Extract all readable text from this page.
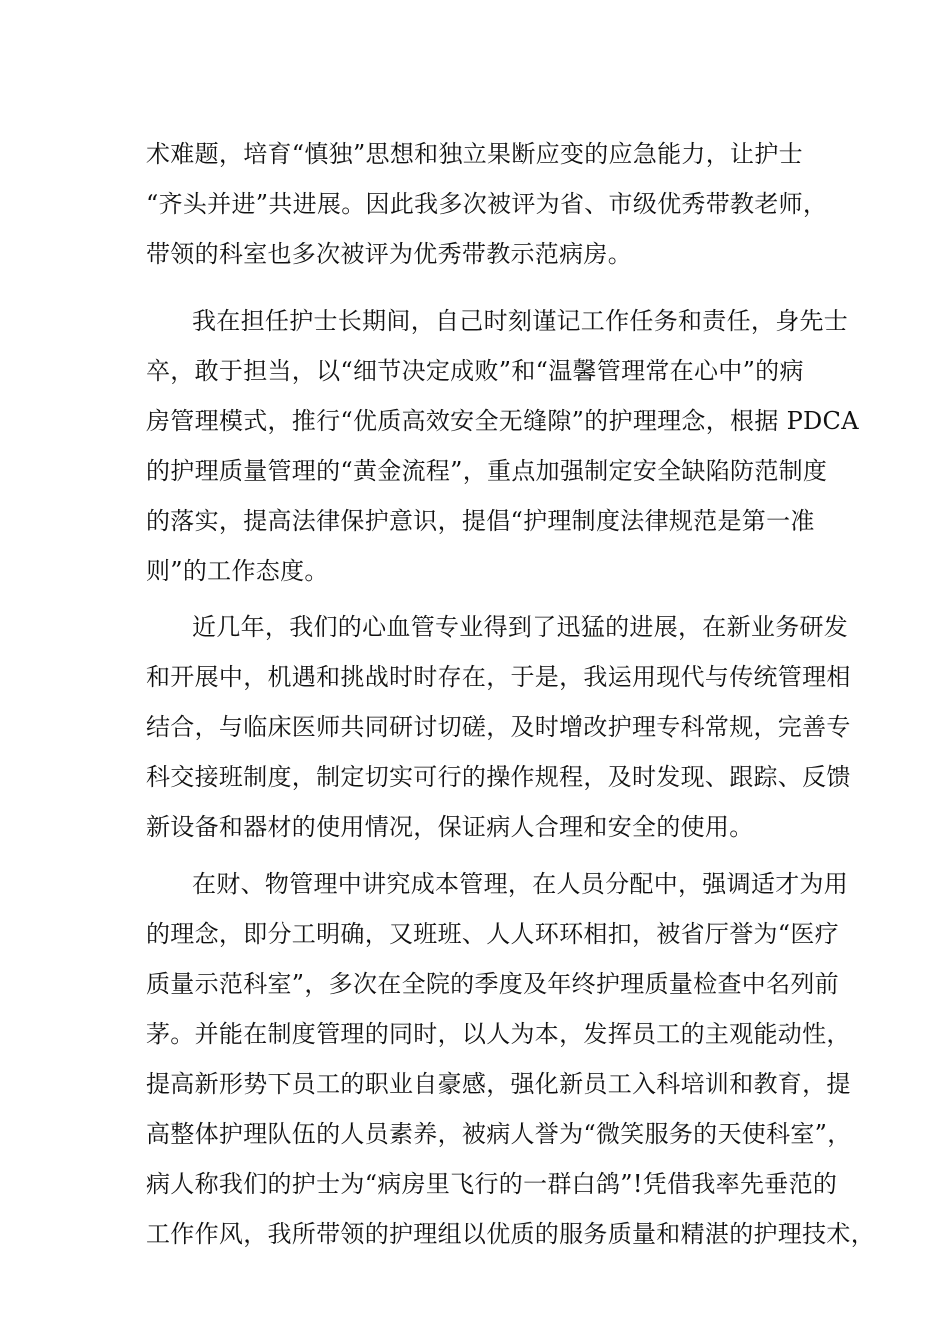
术难题，培育“慎独”思想和独立果断应变的应急能力，让护士
“齐头并进”共进展。因此我多次被评为省、市级优秀带教老师，
带领的科室也多次被评为优秀带教示范病房。
我在担任护士长期间，自己时刻谨记工作任务和责任，身先士
卒，敢于担当，以“细节决定成败”和“温馨管理常在心中”的病
房管理模式，推行“优质高效安全无缝隙”的护理理念，根据 PDCA
的护理质量管理的“黄金流程”，重点加强制定安全缺陷防范制度
的落实，提高法律保护意识，提倡“护理制度法律规范是第一准
则”的工作态度。
近几年，我们的心血管专业得到了迅猛的进展，在新业务研发
和开展中，机遇和挑战时时存在，于是，我运用现代与传统管理相
结合，与临床医师共同研讨切磋，及时增改护理专科常规，完善专
科交接班制度，制定切实可行的操作规程，及时发现、跟踪、反馈
新设备和器材的使用情况，保证病人合理和安全的使用。
在财、物管理中讲究成本管理，在人员分配中，强调适才为用
的理念，即分工明确，又班班、人人环环相扣，被省厅誉为“医疗
质量示范科室”，多次在全院的季度及年终护理质量检查中名列前
茅。并能在制度管理的同时，以人为本，发挥员工的主观能动性，
提高新形势下员工的职业自豪感，强化新员工入科培训和教育，提
高整体护理队伍的人员素养，被病人誉为“微笑服务的天使科室”，
病人称我们的护士为“病房里飞行的一群白鸽”!凭借我率先垂范的
工作作风，我所带领的护理组以优质的服务质量和精湛的护理技术，
